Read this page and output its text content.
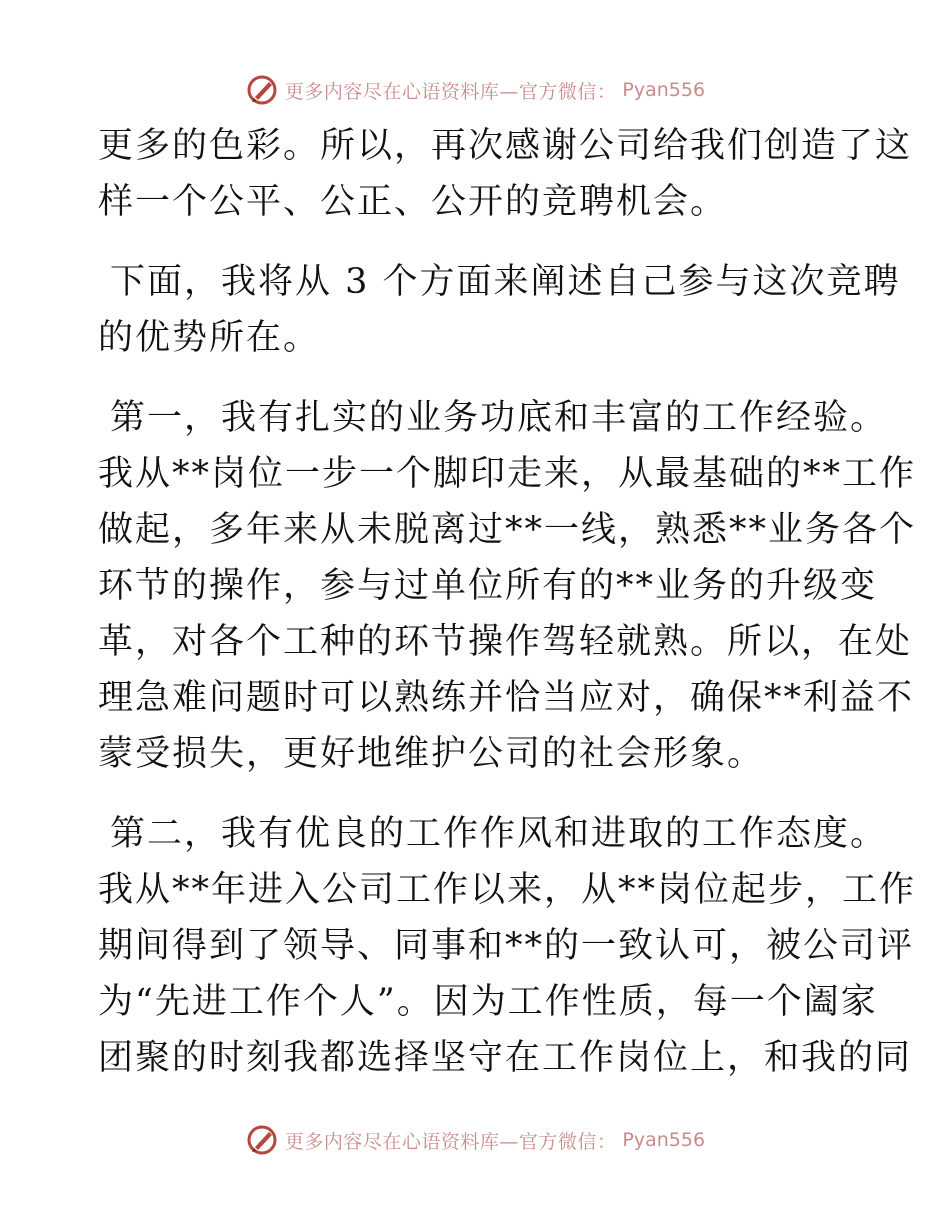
更多内容尽在心语资料库—官方微信： Pyan556
更多的色彩。所以，再次感谢公司给我们创造了这
样一个公平、公正、公开的竞聘机会。
下面，我将从 3 个方面来阐述自己参与这次竞聘
的优势所在。
第一，我有扎实的业务功底和丰富的工作经验。
我从**岗位一步一个脚印走来，从最基础的**工作
做起，多年来从未脱离过**一线，熟悉**业务各个
环节的操作，参与过单位所有的**业务的升级变
革，对各个工种的环节操作驾轻就熟。所以，在处
理急难问题时可以熟练并恰当应对，确保**利益不
蒙受损失，更好地维护公司的社会形象。
第二，我有优良的工作作风和进取的工作态度。
我从**年进入公司工作以来，从**岗位起步，工作
期间得到了领导、同事和**的一致认可，被公司评
为“先进工作个人”。因为工作性质，每一个阖家
团聚的时刻我都选择坚守在工作岗位上，和我的同
更多内容尽在心语资料库—官方微信： Pyan556
